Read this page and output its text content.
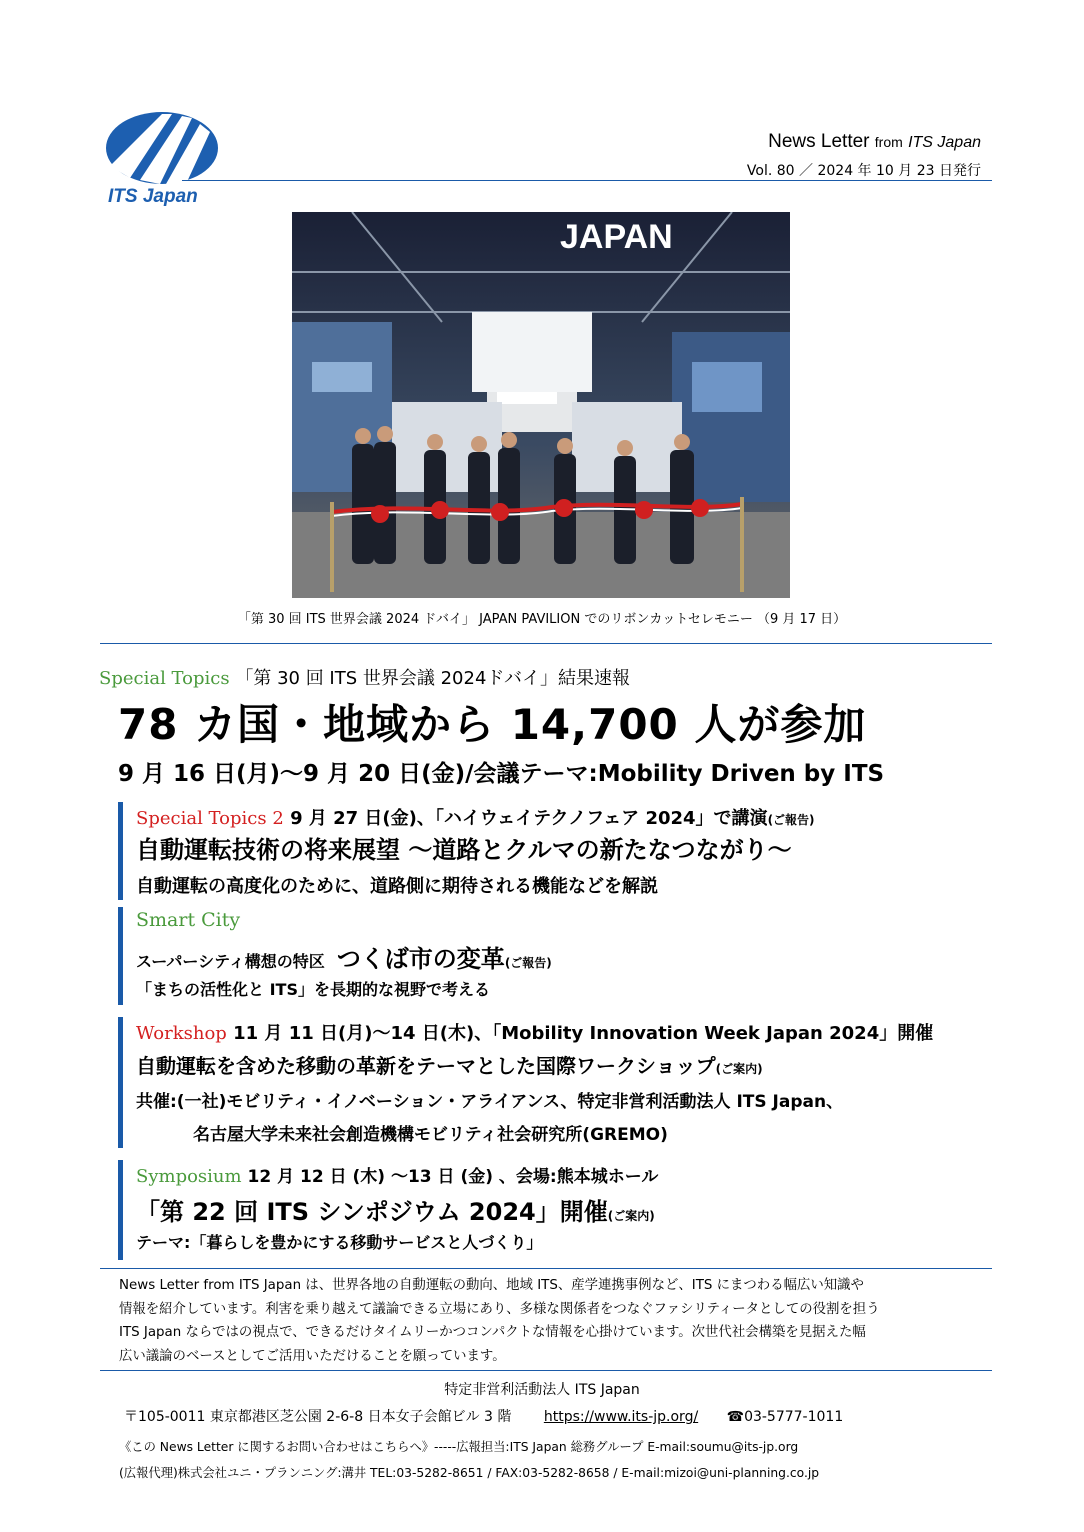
ITS Japan
News Letter from ITS Japan
Vol. 80 ／ 2024 年 10 月 23 日発行
JAPAN
「第 30 回 ITS 世界会議 2024 ドバイ」 JAPAN PAVILION でのリボンカットセレモニー （9 月 17 日）
Special Topics 「第 30 回 ITS 世界会議 2024ドバイ」結果速報
78 カ国・地域から 14,700 人が参加
9 月 16 日(月)～9 月 20 日(金)/会議テーマ:Mobility Driven by ITS
Special Topics 2 9 月 27 日(金)、「ハイウェイテクノフェア 2024」で講演(ご報告)
自動運転技術の将来展望 ～道路とクルマの新たなつながり～
自動運転の高度化のために、道路側に期待される機能などを解説
Smart City
スーパーシティ構想の特区 つくば市の変革(ご報告)
「まちの活性化と ITS」を長期的な視野で考える
Workshop 11 月 11 日(月)～14 日(木)、「Mobility Innovation Week Japan 2024」開催
自動運転を含めた移動の革新をテーマとした国際ワークショップ(ご案内)
共催:(一社)モビリティ・イノベーション・アライアンス、特定非営利活動法人 ITS Japan、
名古屋大学未来社会創造機構モビリティ社会研究所(GREMO)
Symposium 12 月 12 日 (木) ～13 日 (金) 、会場:熊本城ホール
「第 22 回 ITS シンポジウム 2024」開催(ご案内)
テーマ:「暮らしを豊かにする移動サービスと人づくり」
News Letter from ITS Japan は、世界各地の自動運転の動向、地域 ITS、産学連携事例など、ITS にまつわる幅広い知識や
情報を紹介しています。利害を乗り越えて議論できる立場にあり、多様な関係者をつなぐファシリティータとしての役割を担う
ITS Japan ならではの視点で、できるだけタイムリーかつコンパクトな情報を心掛けています。次世代社会構築を見据えた幅
広い議論のベースとしてご活用いただけることを願っています。
特定非営利活動法人 ITS Japan
〒105-0011 東京都港区芝公園 2-6-8 日本女子会館ビル 3 階 https://www.its-jp.org/ ☎03-5777-1011
《この News Letter に関するお問い合わせはこちらへ》-----広報担当:ITS Japan 総務グループ E-mail:soumu@its-jp.org
(広報代理)株式会社ユニ・プランニング:溝井 TEL:03-5282-8651 / FAX:03-5282-8658 / E-mail:mizoi@uni-planning.co.jp
